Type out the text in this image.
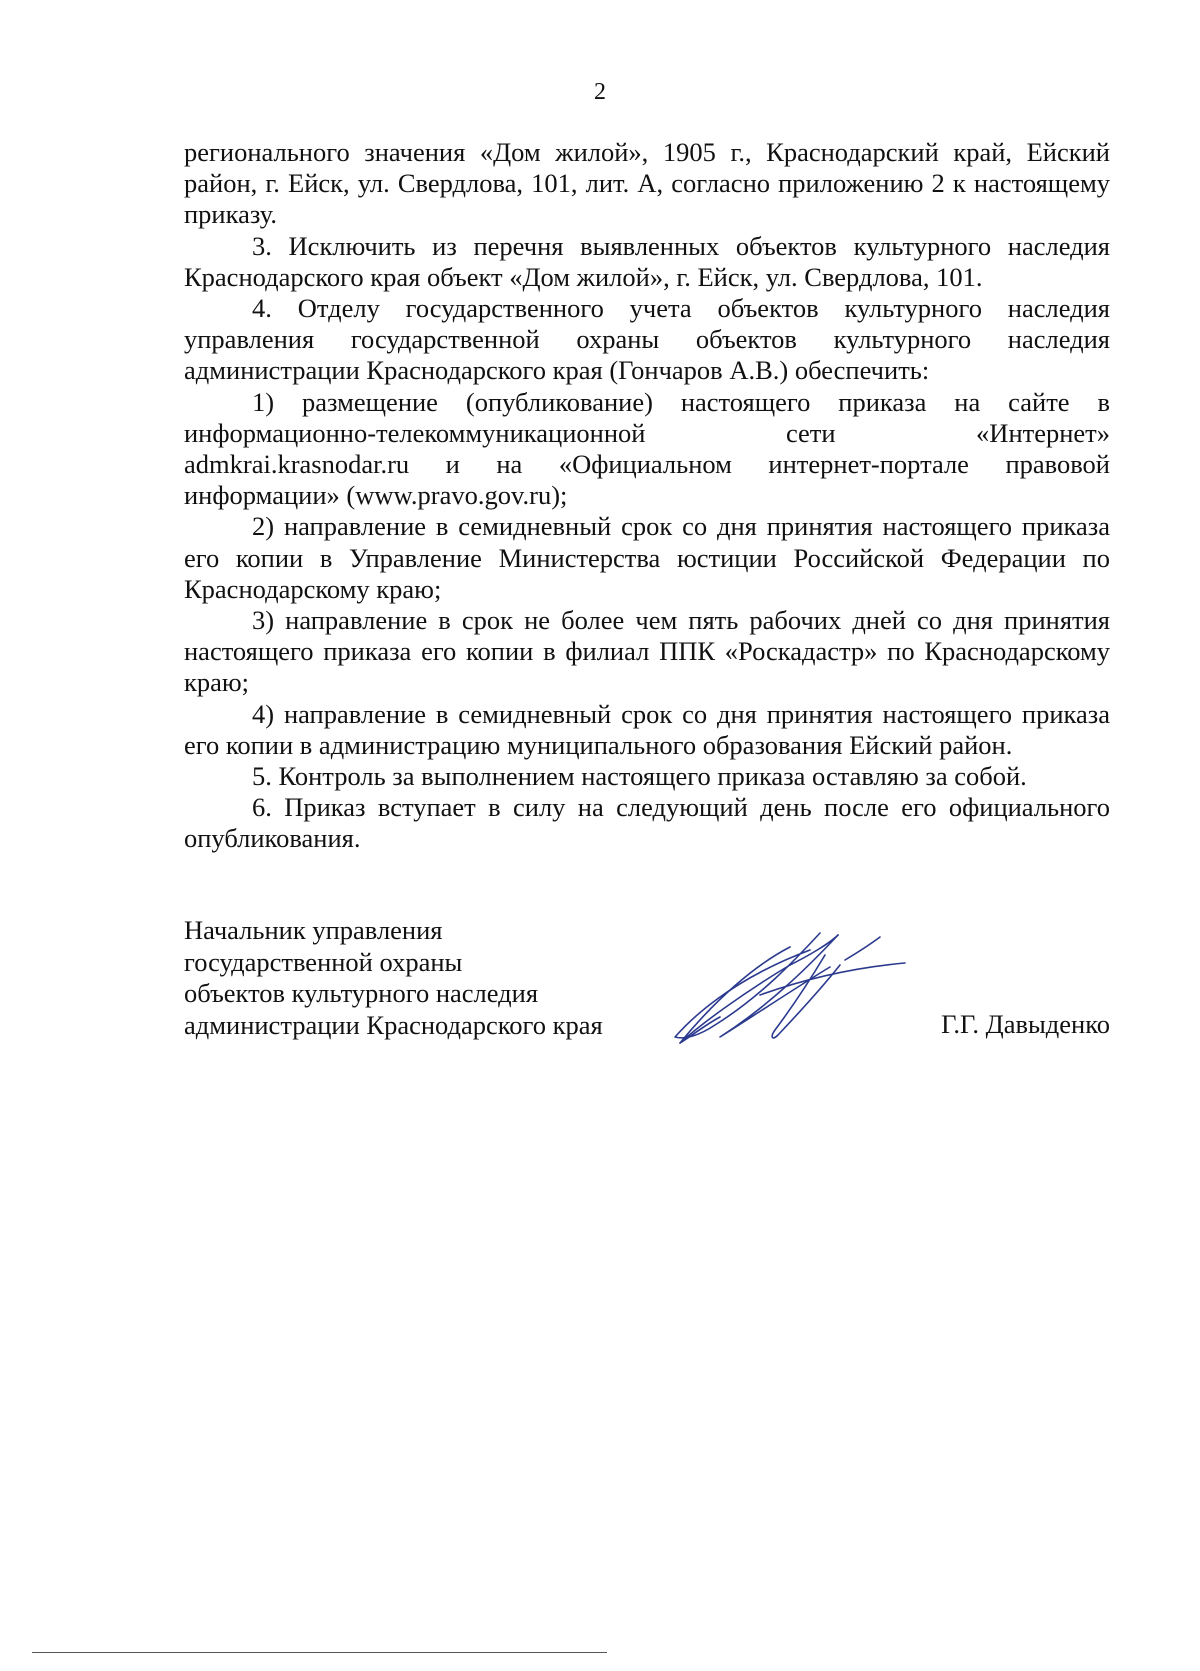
2

регионального значения «Дом жилой», 1905 г., Краснодарский край, Ейский район, г. Ейск, ул. Свердлова, 101, лит. А, согласно приложению 2 к настоящему приказу.

3. Исключить из перечня выявленных объектов культурного наследия Краснодарского края объект «Дом жилой», г. Ейск, ул. Свердлова, 101.

4. Отделу государственного учета объектов культурного наследия управления государственной охраны объектов культурного наследия администрации Краснодарского края (Гончаров А.В.) обеспечить:

1) размещение (опубликование) настоящего приказа на сайте в информационно-телекоммуникационной сети «Интернет»

admkrai.krasnodar.ru и на «Официальном интернет-портале правовой информации» (www.pravo.gov.ru);

2) направление в семидневный срок со дня принятия настоящего приказа его копии в Управление Министерства юстиции Российской Федерации по Краснодарскому краю;

3) направление в срок не более чем пять рабочих дней со дня принятия настоящего приказа его копии в филиал ППК «Роскадастр» по Краснодарскому краю;

4) направление в семидневный срок со дня принятия настоящего приказа его копии в администрацию муниципального образования Ейский район.

5. Контроль за выполнением настоящего приказа оставляю за собой.

6. Приказ вступает в силу на следующий день после его официального опубликования.

Начальник управления
государственной охраны
объектов культурного наследия
администрации Краснодарского края	Г.Г. Давыденко
